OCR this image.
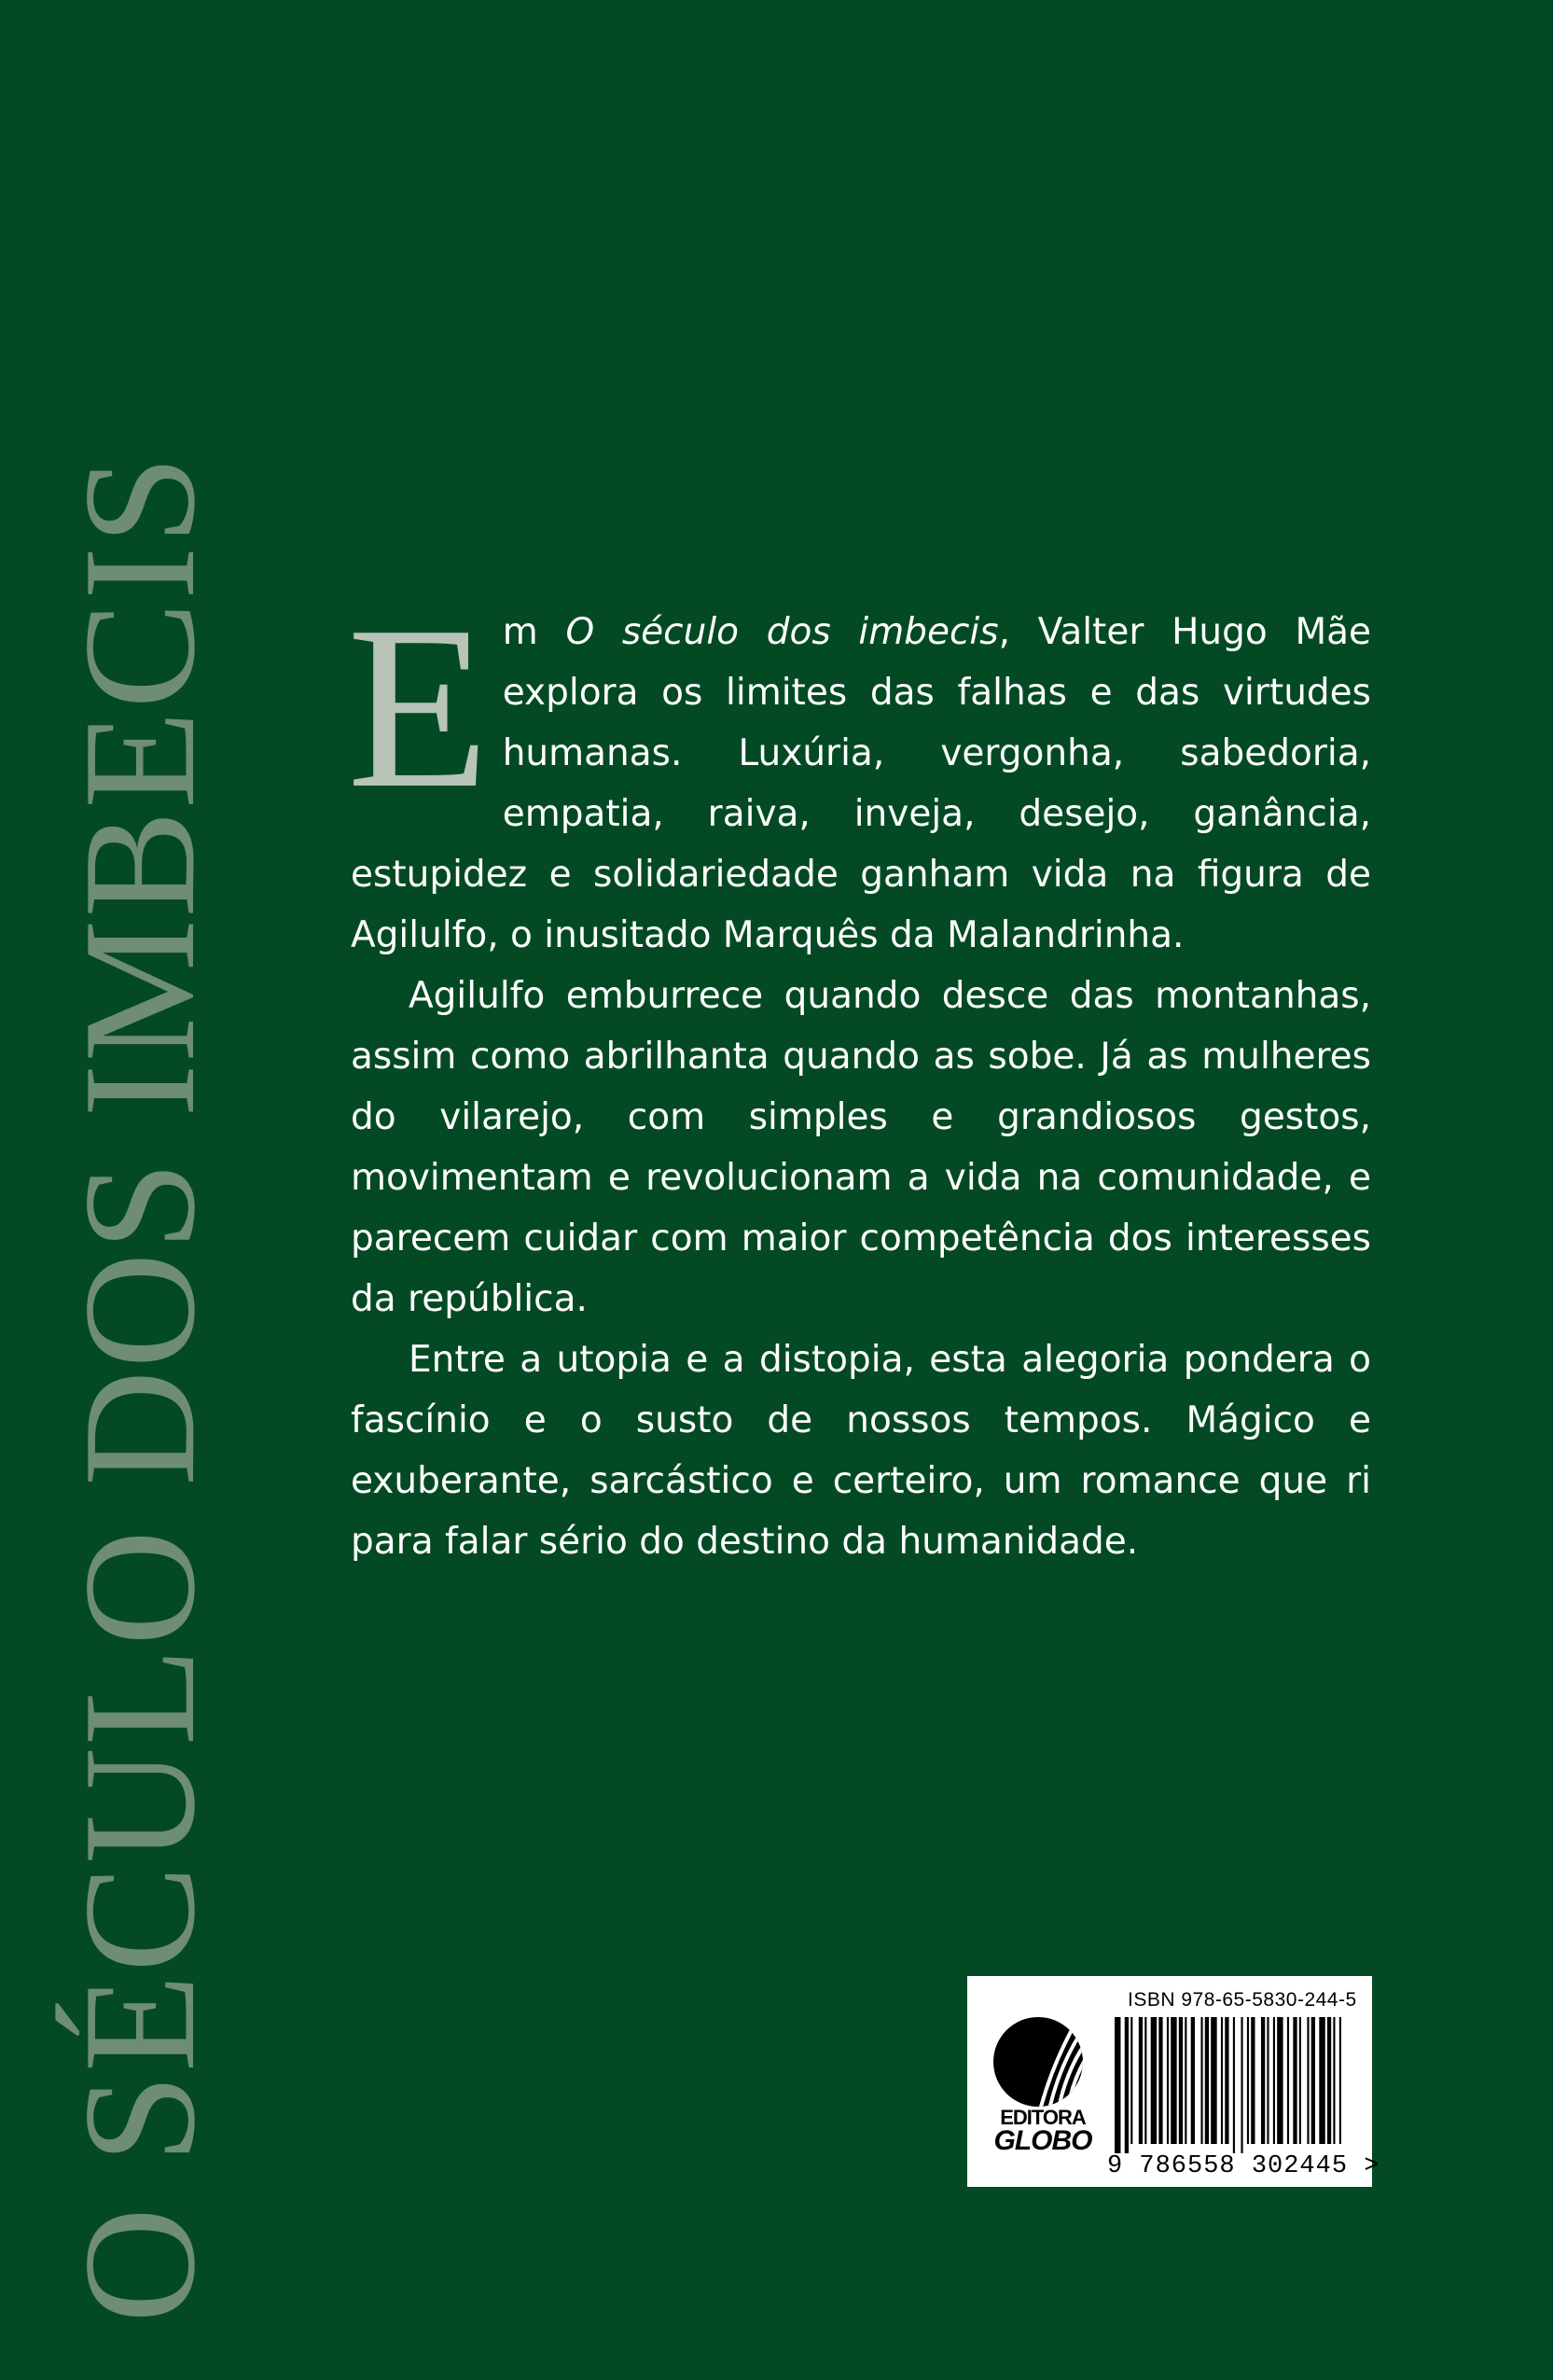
O SÉCULO DOS IMBECIS Em O século dos imbecis, Valter Hugo Mãe explora os limites das falhas e das virtudes humanas. Luxúria, vergonha, sabedoria, empatia, raiva, inveja, desejo, ganância, estupidez e solidariedade ganham vida na figura de Agilulfo, o inusitado Marquês da Malandrinha.

Agilulfo emburrece quando desce das montanhas, assim como abrilhanta quando as sobe. Já as mulheres do vilarejo, com simples e grandiosos gestos, movimentam e revolucionam a vida na comunidade, e parecem cuidar com maior competência dos interesses da república.

Entre a utopia e a distopia, esta alegoria pondera o fascínio e o susto de nossos tempos. Mágico e exuberante, sarcástico e certeiro, um romance que ri para falar sério do destino da humanidade.

EDITORA
GLOBO
ISBN 978-65-5830-244-5
9 786558 302445 >
